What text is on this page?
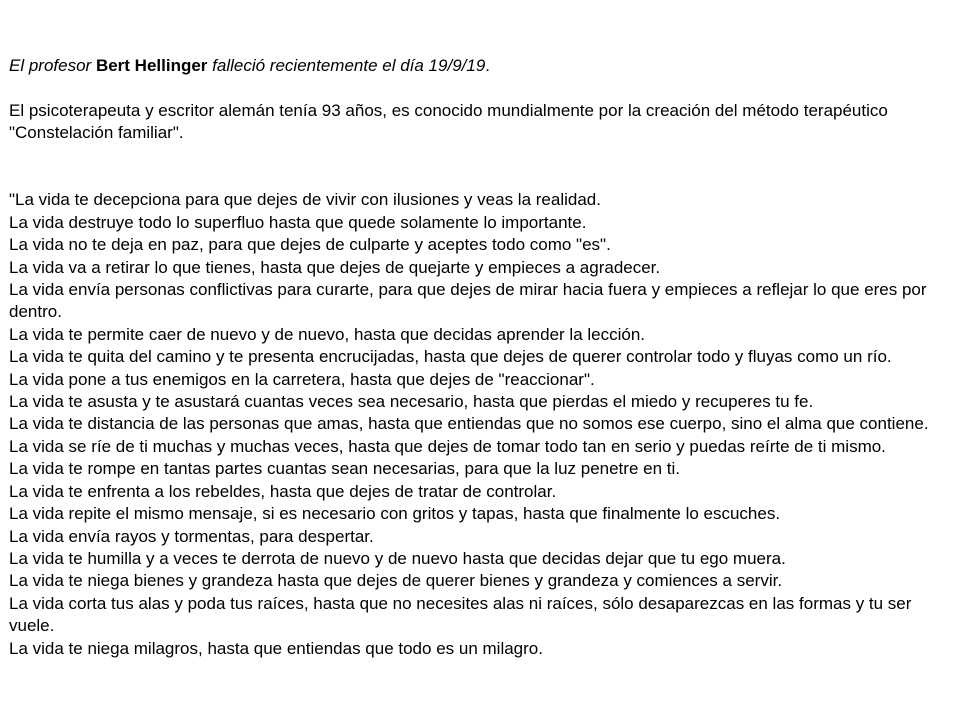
El profesor Bert Hellinger falleció recientemente el día 19/9/19.

El psicoterapeuta y escritor alemán tenía 93 años, es conocido mundialmente por la creación del método terapéutico "Constelación familiar".

"La vida te decepciona para que dejes de vivir con ilusiones y veas la realidad.

La vida destruye todo lo superfluo hasta que quede solamente lo importante.

La vida no te deja en paz, para que dejes de culparte y aceptes todo como "es".

La vida va a retirar lo que tienes, hasta que dejes de quejarte y empieces a agradecer.

La vida envía personas conflictivas para curarte, para que dejes de mirar hacia fuera y empieces a reflejar lo que eres por dentro.

La vida te permite caer de nuevo y de nuevo, hasta que decidas aprender la lección.

La vida te quita del camino y te presenta encrucijadas, hasta que dejes de querer controlar todo y fluyas como un río.

La vida pone a tus enemigos en la carretera, hasta que dejes de "reaccionar".

La vida te asusta y te asustará cuantas veces sea necesario, hasta que pierdas el miedo y recuperes tu fe.

La vida te distancia de las personas que amas, hasta que entiendas que no somos ese cuerpo, sino el alma que contiene.

La vida se ríe de ti muchas y muchas veces, hasta que dejes de tomar todo tan en serio y puedas reírte de ti mismo.

La vida te rompe en tantas partes cuantas sean necesarias, para que la luz penetre en ti.

La vida te enfrenta a los rebeldes, hasta que dejes de tratar de controlar.

La vida repite el mismo mensaje, si es necesario con gritos y tapas, hasta que finalmente lo escuches.

La vida envía rayos y tormentas, para despertar.

La vida te humilla y a veces te derrota de nuevo y de nuevo hasta que decidas dejar que tu ego muera.

La vida te niega bienes y grandeza hasta que dejes de querer bienes y grandeza y comiences a servir.

La vida corta tus alas y poda tus raíces, hasta que no necesites alas ni raíces, sólo desaparezcas en las formas y tu ser vuele.

La vida te niega milagros, hasta que entiendas que todo es un milagro.
